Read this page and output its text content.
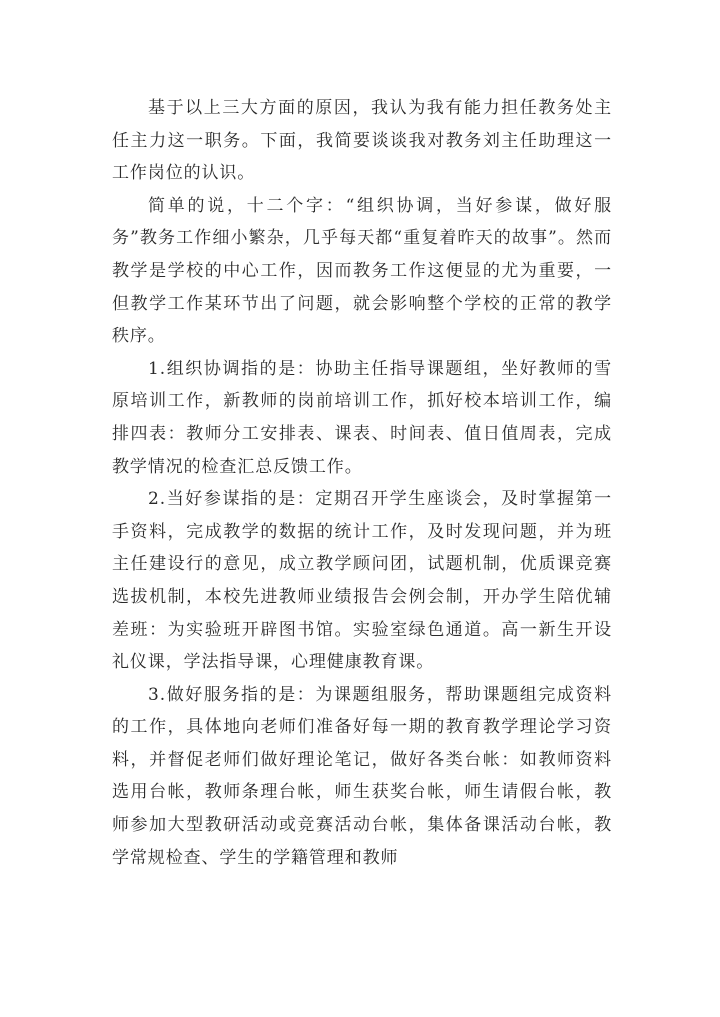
基于以上三大方面的原因，我认为我有能力担任教务处主任主力这一职务。下面，我简要谈谈我对教务刘主任助理这一工作岗位的认识。

简单的说，十二个字：“组织协调，当好参谋，做好服务”教务工作细小繁杂，几乎每天都“重复着昨天的故事”。然而教学是学校的中心工作，因而教务工作这便显的尤为重要，一但教学工作某环节出了问题，就会影响整个学校的正常的教学秩序。

1.组织协调指的是：协助主任指导课题组，坐好教师的雪原培训工作，新教师的岗前培训工作，抓好校本培训工作，编排四表：教师分工安排表、课表、时间表、值日值周表，完成教学情况的检查汇总反馈工作。

2.当好参谋指的是：定期召开学生座谈会，及时掌握第一手资料，完成教学的数据的统计工作，及时发现问题，并为班主任建设行的意见，成立教学顾问团，试题机制，优质课竞赛选拔机制，本校先进教师业绩报告会例会制，开办学生陪优辅差班：为实验班开辟图书馆。实验室绿色通道。高一新生开设礼仪课，学法指导课，心理健康教育课。

3.做好服务指的是：为课题组服务，帮助课题组完成资料的工作，具体地向老师们准备好每一期的教育教学理论学习资料，并督促老师们做好理论笔记，做好各类台帐：如教师资料选用台帐，教师条理台帐，师生获奖台帐，师生请假台帐，教师参加大型教研活动或竞赛活动台帐，集体备课活动台帐，教学常规检查、学生的学籍管理和教师
